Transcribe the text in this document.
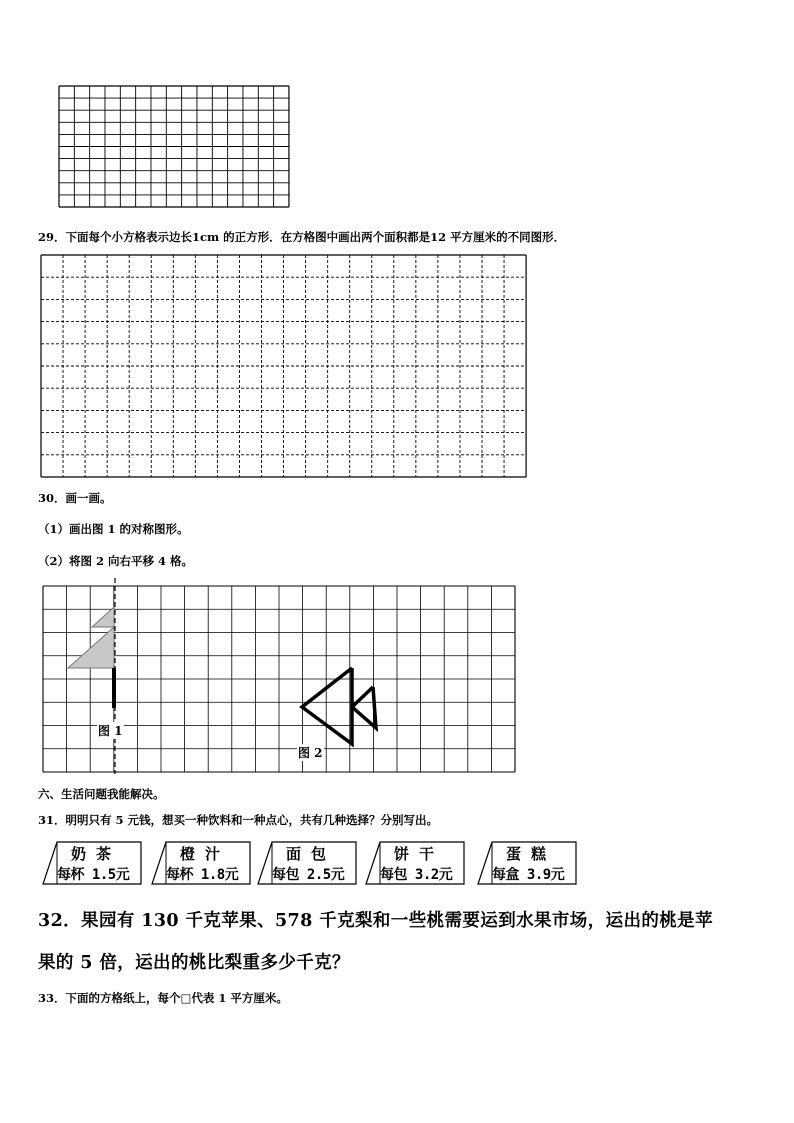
29．下面每个小方格表示边长1cm 的正方形．在方格图中画出两个面积都是12 平方厘米的不同图形．
30．画一画。
（1）画出图 1 的对称图形。
（2）将图 2 向右平移 4 格。
图 1
图 2
六、生活问题我能解决。
31．明明只有 5 元钱，想买一种饮料和一种点心，共有几种选择？分别写出。
奶茶
每杯 1.5元
橙汁
每杯 1.8元
面包
每包 2.5元
饼干
每包 3.2元
蛋糕
每盒 3.9元
32．果园有 130 千克苹果、578 千克梨和一些桃需要运到水果市场，运出的桃是苹
果的 5 倍，运出的桃比梨重多少千克？
33．下面的方格纸上，每个□代表 1 平方厘米。
